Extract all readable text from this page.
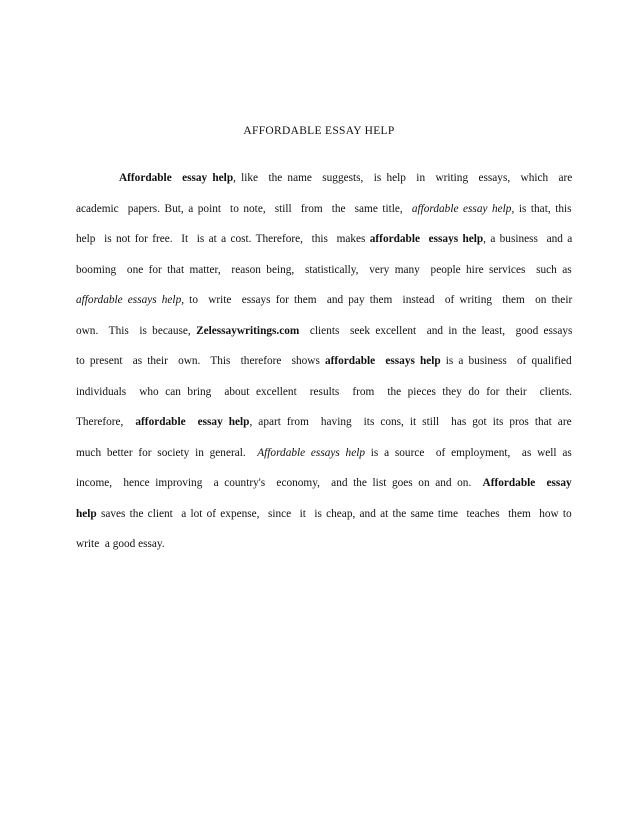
AFFORDABLE ESSAY HELP
Affordable  essay help, like  the name  suggests,  is help  in  writing  essays,  which  are
academic  papers. But, a point  to note,  still  from  the  same title,  affordable essay help, is that, this
help  is not for free.  It  is at a cost. Therefore,  this  makes affordable  essays help, a business  and a
booming  one for that matter,  reason being,  statistically,  very many  people hire services  such as
affordable essays help, to  write  essays for them  and pay them  instead  of writing  them  on their
own.  This  is because, Zelessaywritings.com  clients  seek excellent  and in the least,  good essays
to present  as their  own.  This  therefore  shows affordable  essays help is a business  of qualified
individuals  who can bring  about excellent  results  from  the pieces they do for their  clients.
Therefore,  affordable  essay help, apart from  having  its cons, it still  has got its pros that are
much better for society in general.  Affordable essays help is a source  of employment,  as well as
income,  hence improving  a country's  economy,  and the list goes on and on.  Affordable  essay
help saves the client  a lot of expense,  since  it  is cheap, and at the same time  teaches  them  how to
write  a good essay.
